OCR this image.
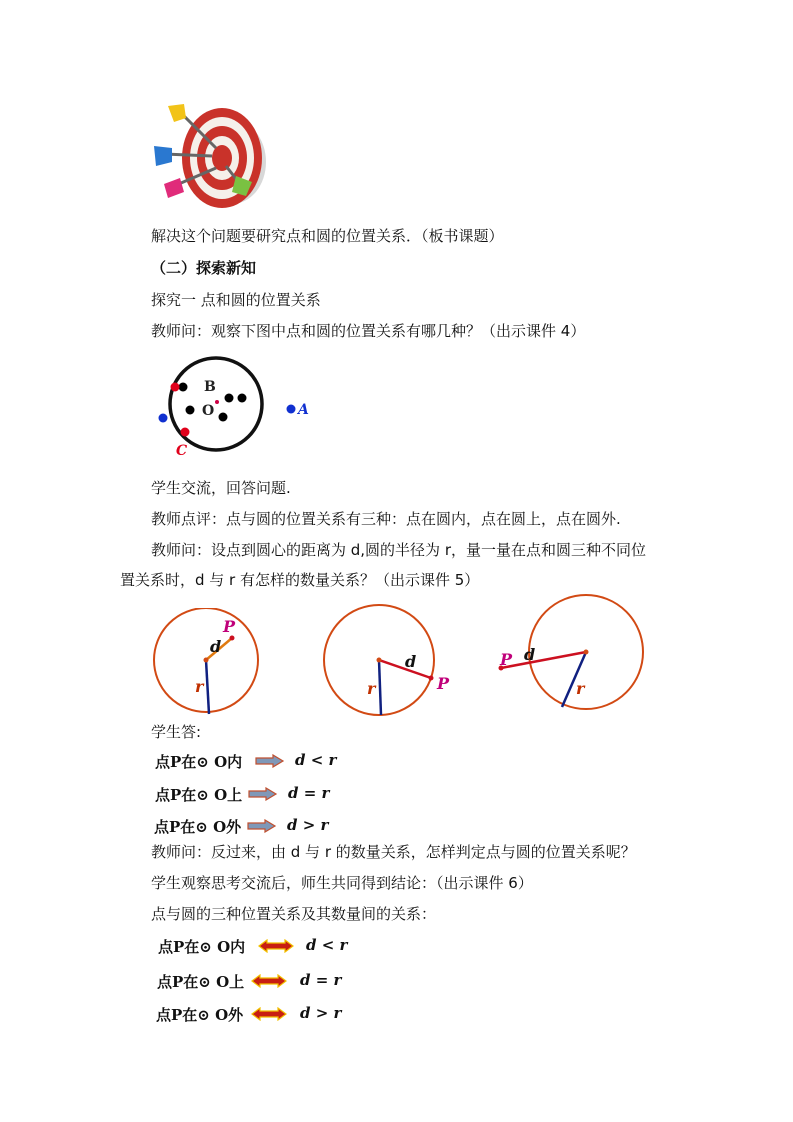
解决这个问题要研究点和圆的位置关系．（板书课题）
（二）探索新知
探究一 点和圆的位置关系
教师问：观察下图中点和圆的位置关系有哪几种？（出示课件 4）
B
O	A
C
学生交流，回答问题.
教师点评：点与圆的位置关系有三种：点在圆内，点在圆上，点在圆外.
教师问：设点到圆心的距离为 d,圆的半径为 r，量一量在点和圆三种不同位
置关系时，d 与 r 有怎样的数量关系？（出示课件 5）
P
d
r	P
d
r
P d
r
学生答:
点P在⊙ O内	d < r
点P在⊙ O上	d = r
点P在⊙ O外	d > r
教师问：反过来，由 d 与 r 的数量关系，怎样判定点与圆的位置关系呢？
学生观察思考交流后，师生共同得到结论：（出示课件 6）
点与圆的三种位置关系及其数量间的关系：
点P在⊙ O内	d < r
点P在⊙ O上	d = r
点P在⊙ O外	d > r
